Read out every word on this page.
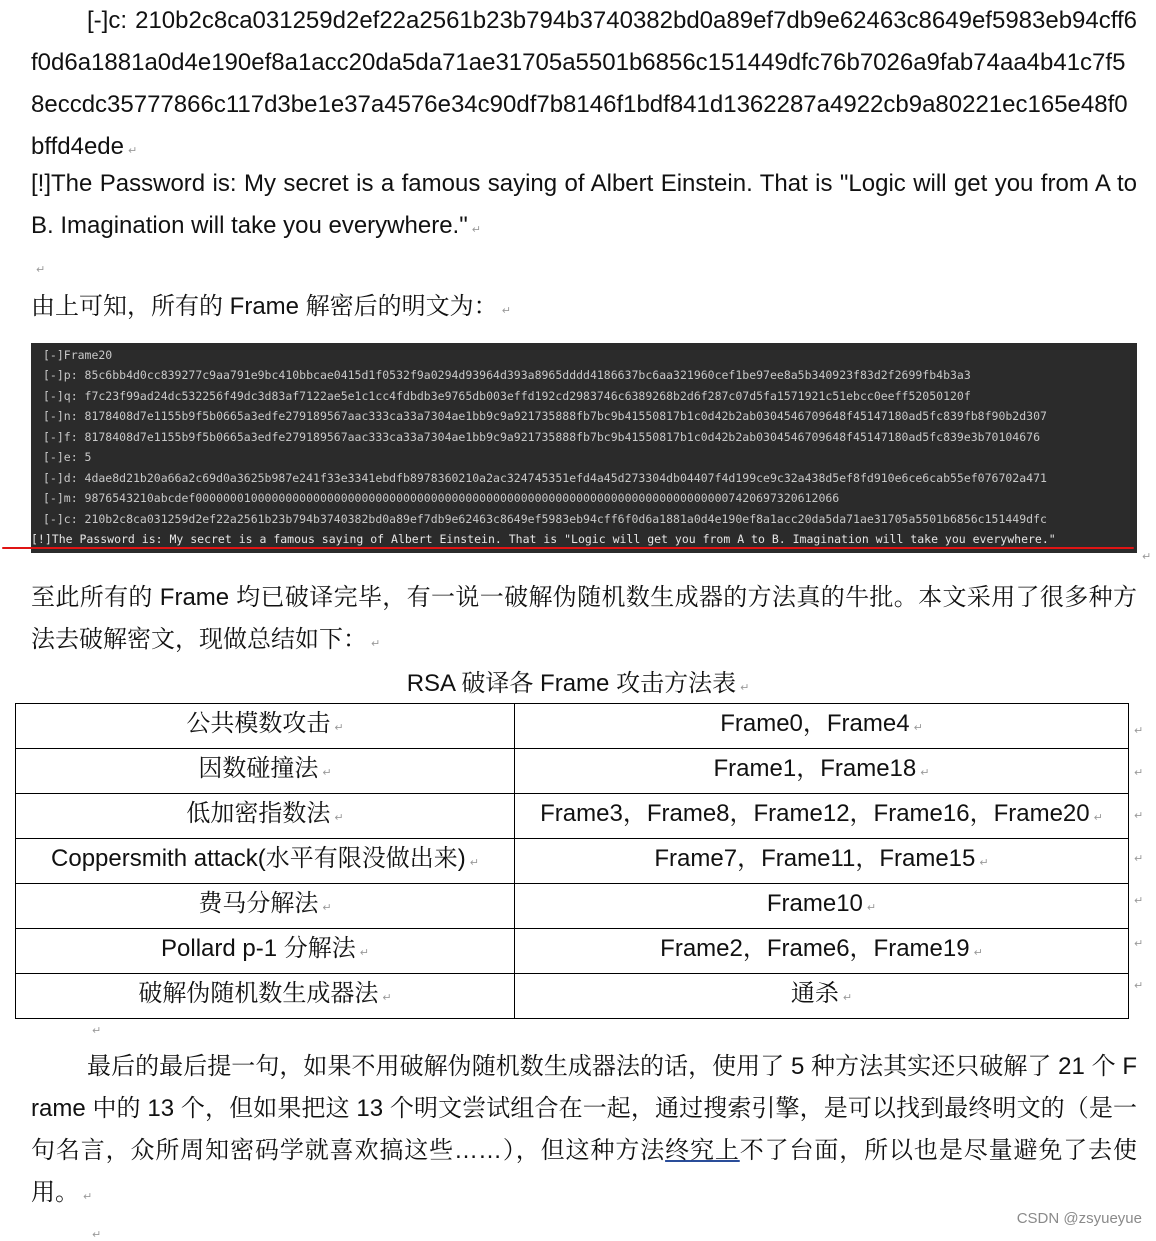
[-]c: 210b2c8ca031259d2ef22a2561b23b794b3740382bd0a89ef7db9e62463c8649ef5983eb94cff6f0d6a1881a0d4e190ef8a1acc20da5da71ae31705a5501b6856c151449dfc76b7026a9fab74aa4b41c7f58eccdc35777866c117d3be1e37a4576e34c90df7b8146f1bdf841d1362287a4922cb9a80221ec165e48f0bffd4ede ↵

[!]The Password is: My secret is a famous saying of Albert Einstein. That is "Logic will get you from A to B. Imagination will take you everywhere." ↵

↵

由上可知，所有的 Frame 解密后的明文为： ↵

[-]Frame20
[-]p: 85c6bb4d0cc839277c9aa791e9bc410bbcae0415d1f0532f9a0294d93964d393a8965dddd4186637bc6aa321960cef1be97ee8a5b340923f83d2f2699fb4b3a3
[-]q: f7c23f99ad24dc532256f49dc3d83af7122ae5e1c1cc4fdbdb3e9765db003effd192cd2983746c6389268b2d6f287c07d5fa1571921c51ebcc0eeff52050120f
[-]n: 8178408d7e1155b9f5b0665a3edfe279189567aac333ca33a7304ae1bb9c9a921735888fb7bc9b41550817b1c0d42b2ab0304546709648f45147180ad5fc839fb8f90b2d307
[-]f: 8178408d7e1155b9f5b0665a3edfe279189567aac333ca33a7304ae1bb9c9a921735888fb7bc9b41550817b1c0d42b2ab0304546709648f45147180ad5fc839e3b70104676
[-]e: 5
[-]d: 4dae8d21b20a66a2c69d0a3625b987e241f33e3341ebdfb8978360210a2ac324745351efd4a45d273304db04407f4d199ce9c32a438d5ef8fd910e6ce6cab55ef076702a471
[-]m: 9876543210abcdef000000010000000000000000000000000000000000000000000000000000000000000000000007420697320612066
[-]c: 210b2c8ca031259d2ef22a2561b23b794b3740382bd0a89ef7db9e62463c8649ef5983eb94cff6f0d6a1881a0d4e190ef8a1acc20da5da71ae31705a5501b6856c151449dfc
[!]The Password is: My secret is a famous saying of Albert Einstein. That is "Logic will get you from A to B. Imagination will take you everywhere."
↵

至此所有的 Frame 均已破译完毕，有一说一破解伪随机数生成器的方法真的牛批。本文采用了很多种方法去破解密文，现做总结如下： ↵

RSA 破译各 Frame 攻击方法表 ↵
公共模数攻击 ↵	Frame0，Frame4 ↵
因数碰撞法 ↵	Frame1，Frame18 ↵
低加密指数法 ↵	Frame3，Frame8，Frame12，Frame16，Frame20 ↵
Coppersmith attack(水平有限没做出来) ↵	Frame7，Frame11，Frame15 ↵
费马分解法 ↵	Frame10 ↵
Pollard p-1 分解法 ↵	Frame2，Frame6，Frame19 ↵
破解伪随机数生成器法 ↵	通杀 ↵
↵
↵
↵
↵
↵
↵
↵
↵

最后的最后提一句，如果不用破解伪随机数生成器法的话，使用了 5 种方法其实还只破解了 21 个 Frame 中的 13 个，但如果把这 13 个明文尝试组合在一起，通过搜索引擎，是可以找到最终明文的（是一句名言，众所周知密码学就喜欢搞这些……），但这种方法终究上不了台面，所以也是尽量避免了去使用。 ↵

↵
CSDN @zsyueyue
